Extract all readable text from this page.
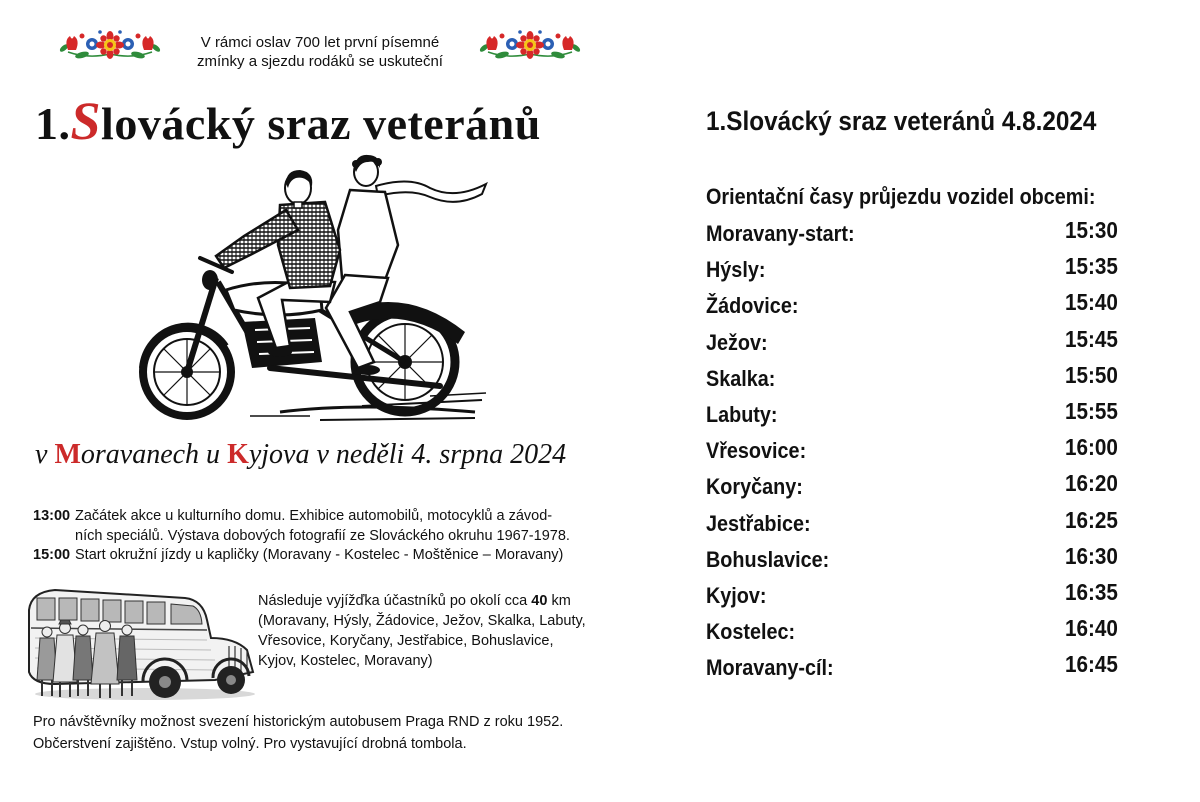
V rámci oslav 700 let první písemné
zmínky a sjezdu rodáků se uskuteční
1.Slovácký sraz veteránů
v Moravanech u Kyjova v neděli 4. srpna 2024
13:00 Začátek akce u kulturního domu. Exhibice automobilů, motocyklů a závod-
ních speciálů. Výstava dobových fotografií ze Slováckého okruhu 1967-1978.
15:00 Start okružní jízdy u kapličky (Moravany - Kostelec - Moštěnice – Moravany)
Následuje vyjížďka účastníků po okolí cca 40 km
(Moravany, Hýsly, Žádovice, Ježov, Skalka, Labuty,
Vřesovice, Koryčany, Jestřabice, Bohuslavice,
Kyjov, Kostelec, Moravany)
Pro návštěvníky možnost svezení historickým autobusem Praga RND z roku 1952.
Občerstvení zajištěno. Vstup volný. Pro vystavující drobná tombola.
1.Slovácký sraz veteránů 4.8.2024
Orientační časy průjezdu vozidel obcemi:
Moravany-start:	15:30
Hýsly:	15:35
Žádovice:	15:40
Ježov:	15:45
Skalka:	15:50
Labuty:	15:55
Vřesovice:	16:00
Koryčany:	16:20
Jestřabice:	16:25
Bohuslavice:	16:30
Kyjov:	16:35
Kostelec:	16:40
Moravany-cíl:	16:45
